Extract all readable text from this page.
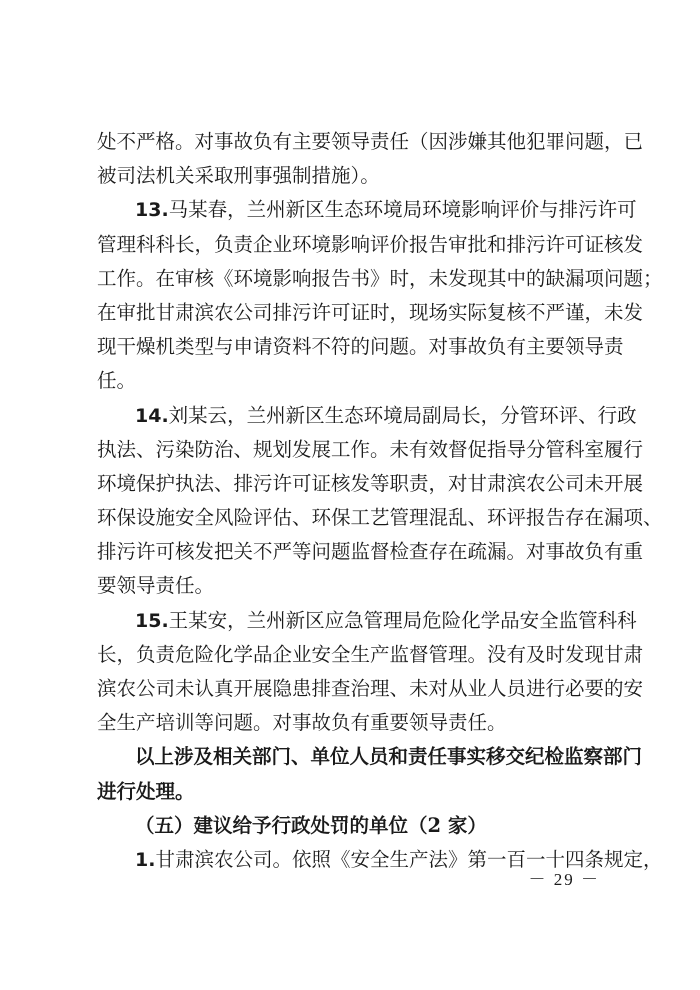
处不严格。对事故负有主要领导责任（因涉嫌其他犯罪问题，已
被司法机关采取刑事强制措施）。
13.马某春，兰州新区生态环境局环境影响评价与排污许可
管理科科长，负责企业环境影响评价报告审批和排污许可证核发
工作。在审核《环境影响报告书》时，未发现其中的缺漏项问题；
在审批甘肃滨农公司排污许可证时，现场实际复核不严谨，未发
现干燥机类型与申请资料不符的问题。对事故负有主要领导责
任。
14.刘某云，兰州新区生态环境局副局长，分管环评、行政
执法、污染防治、规划发展工作。未有效督促指导分管科室履行
环境保护执法、排污许可证核发等职责，对甘肃滨农公司未开展
环保设施安全风险评估、环保工艺管理混乱、环评报告存在漏项、
排污许可核发把关不严等问题监督检查存在疏漏。对事故负有重
要领导责任。
15.王某安，兰州新区应急管理局危险化学品安全监管科科
长，负责危险化学品企业安全生产监督管理。没有及时发现甘肃
滨农公司未认真开展隐患排查治理、未对从业人员进行必要的安
全生产培训等问题。对事故负有重要领导责任。
以上涉及相关部门、单位人员和责任事实移交纪检监察部门
进行处理。
（五）建议给予行政处罚的单位（2 家）
1.甘肃滨农公司。依照《安全生产法》第一百一十四条规定，
－ 29 －
